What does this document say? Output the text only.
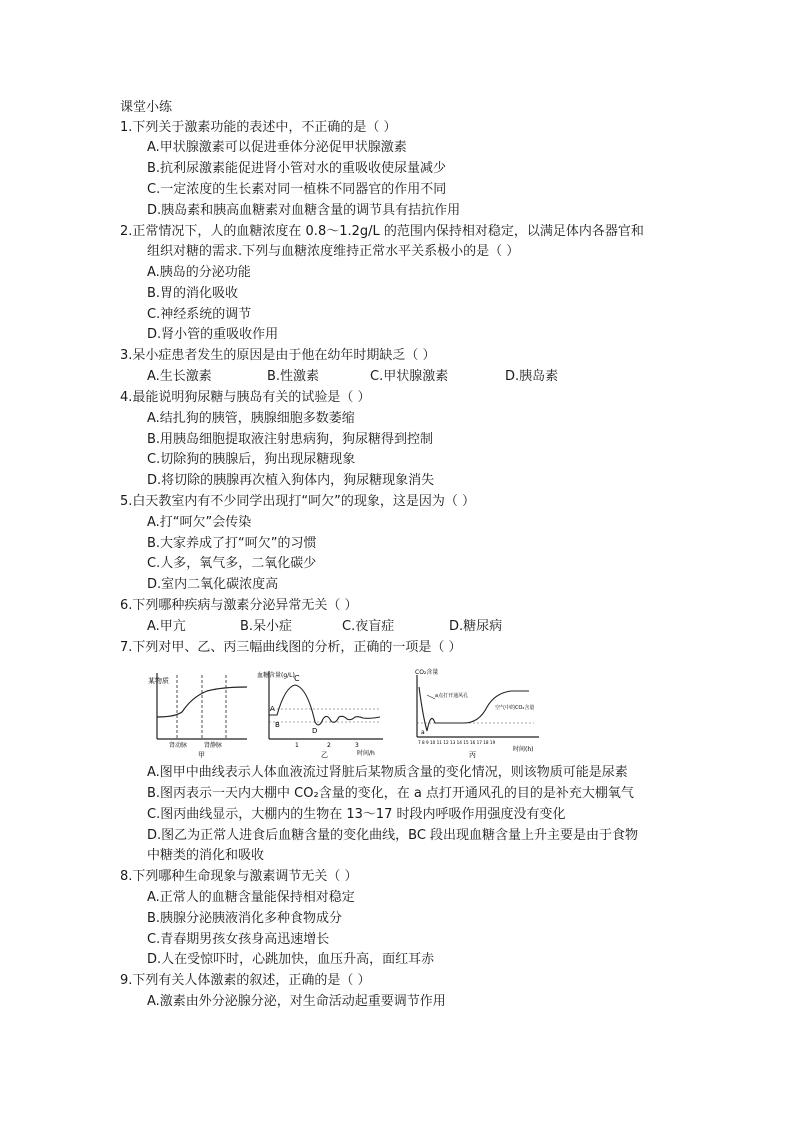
课堂小练
1.下列关于激素功能的表述中，不正确的是（ ）
A.甲状腺激素可以促进垂体分泌促甲状腺激素
B.抗利尿激素能促进肾小管对水的重吸收使尿量减少
C.一定浓度的生长素对同一植株不同器官的作用不同
D.胰岛素和胰高血糖素对血糖含量的调节具有拮抗作用
2.正常情况下，人的血糖浓度在 0.8～1.2g/L 的范围内保持相对稳定，以满足体内各器官和
组织对糖的需求.下列与血糖浓度维持正常水平关系极小的是（ ）
A.胰岛的分泌功能
B.胃的消化吸收
C.神经系统的调节
D.肾小管的重吸收作用
3.呆小症患者发生的原因是由于他在幼年时期缺乏（ ）
A.生长激素	B.性激素	C.甲状腺激素	D.胰岛素
4.最能说明狗尿糖与胰岛有关的试验是（ ）
A.结扎狗的胰管，胰腺细胞多数萎缩
B.用胰岛细胞提取液注射患病狗，狗尿糖得到控制
C.切除狗的胰腺后，狗出现尿糖现象
D.将切除的胰腺再次植入狗体内，狗尿糖现象消失
5.白天教室内有不少同学出现打“呵欠”的现象，这是因为（ ）
A.打“呵欠”会传染
B.大家养成了打“呵欠”的习惯
C.人多，氧气多，二氧化碳少
D.室内二氧化碳浓度高
6.下列哪种疾病与激素分泌异常无关（ ）
A.甲亢	B.呆小症	C.夜盲症	D.糖尿病
7.下列对甲、乙、丙三幅曲线图的分析，正确的一项是（ ）
某物质
肾动脉	肾静脉
甲
血糖含量(g/L) C
B
D
A
1	2	3
时间/h
乙
CO₂含量
a点打开通风孔
空气中的CO₂含量
a
7 8 9 10 11 12 13 14 15 16 17 18 19
时间(h)
丙
A.图甲中曲线表示人体血液流过肾脏后某物质含量的变化情况，则该物质可能是尿素
B.图丙表示一天内大棚中 CO₂含量的变化，在 a 点打开通风孔的目的是补充大棚氧气
C.图丙曲线显示，大棚内的生物在 13～17 时段内呼吸作用强度没有变化
D.图乙为正常人进食后血糖含量的变化曲线，BC 段出现血糖含量上升主要是由于食物
中糖类的消化和吸收
8.下列哪种生命现象与激素调节无关（ ）
A.正常人的血糖含量能保持相对稳定
B.胰腺分泌胰液消化多种食物成分
C.青春期男孩女孩身高迅速增长
D.人在受惊吓时，心跳加快，血压升高，面红耳赤
9.下列有关人体激素的叙述，正确的是（ ）
A.激素由外分泌腺分泌，对生命活动起重要调节作用
